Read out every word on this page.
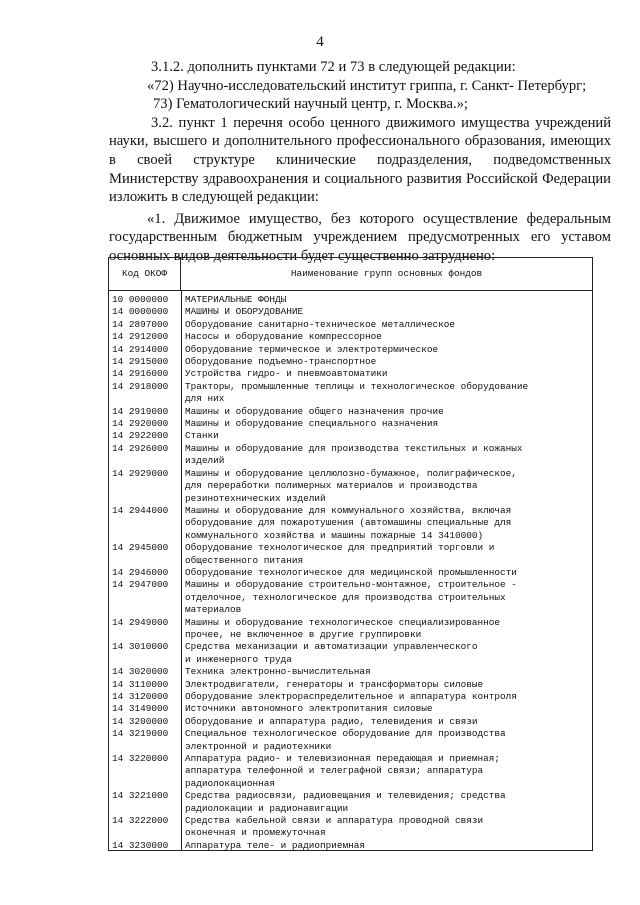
4

3.1.2. дополнить пунктами 72 и 73 в следующей редакции:

«72) Научно-исследовательский институт гриппа, г. Санкт- Петербург;

73) Гематологический научный центр, г. Москва.»;

3.2. пункт 1 перечня особо ценного движимого имущества учреждений науки, высшего и дополнительного профессионального образования, имеющих в своей структуре клинические подразделения, подведомственных Министерству здравоохранения и социального развития Российской Федерации изложить в следующей редакции:

«1. Движимое имущество, без которого осуществление федеральным государственным бюджетным учреждением предусмотренных его уставом основных видов деятельности будет существенно затруднено:

Код ОКОФ	Наименование групп основных фондов
10 0000000	МАТЕРИАЛЬНЫЕ ФОНДЫ
14 0000000	МАШИНЫ И ОБОРУДОВАНИЕ
14 2897000	Оборудование санитарно-техническое металлическое
14 2912000	Насосы и оборудование компрессорное
14 2914000	Оборудование термическое и электротермическое
14 2915000	Оборудование подъемно-транспортное
14 2916000	Устройства гидро- и пневмоавтоматики
14 2918000	Тракторы, промышленные теплицы и технологическое оборудование
для них
14 2919000	Машины и оборудование общего назначения прочие
14 2920000	Машины и оборудование специального назначения
14 2922000	Станки
14 2926000	Машины и оборудование для производства текстильных и кожаных
изделий
14 2929000	Машины и оборудование целлюлозно-бумажное, полиграфическое,
для переработки полимерных материалов и производства
резинотехнических изделий
14 2944000	Машины и оборудование для коммунального хозяйства, включая
оборудование для пожаротушения (автомашины специальные для
коммунального хозяйства и машины пожарные 14 3410000)
14 2945000	Оборудование технологическое для предприятий торговли и
общественного питания
14 2946000	Оборудование технологическое для медицинской промышленности
14 2947000	Машины и оборудование строительно-монтажное, строительное -
отделочное, технологическое для производства строительных
материалов
14 2949000	Машины и оборудование технологическое специализированное
прочее, не включенное в другие группировки
14 3010000	Средства механизации и автоматизации управленческого
и инженерного труда
14 3020000	Техника электронно-вычислительная
14 3110000	Электродвигатели, генераторы и трансформаторы силовые
14 3120000	Оборудование электрораспределительное и аппаратура контроля
14 3149000	Источники автономного электропитания силовые
14 3200000	Оборудование и аппаратура радио, телевидения и связи
14 3219000	Специальное технологическое оборудование для производства
электронной и радиотехники
14 3220000	Аппаратура радио- и телевизионная передающая и приемная;
аппаратура телефонной и телеграфной связи; аппаратура
радиолокационная
14 3221000	Средства радиосвязи, радиовещания и телевидения; средства
радиолокации и радионавигации
14 3222000	Средства кабельной связи и аппаратура проводной связи
оконечная и промежуточная
14 3230000	Аппаратура теле- и радиоприемная
